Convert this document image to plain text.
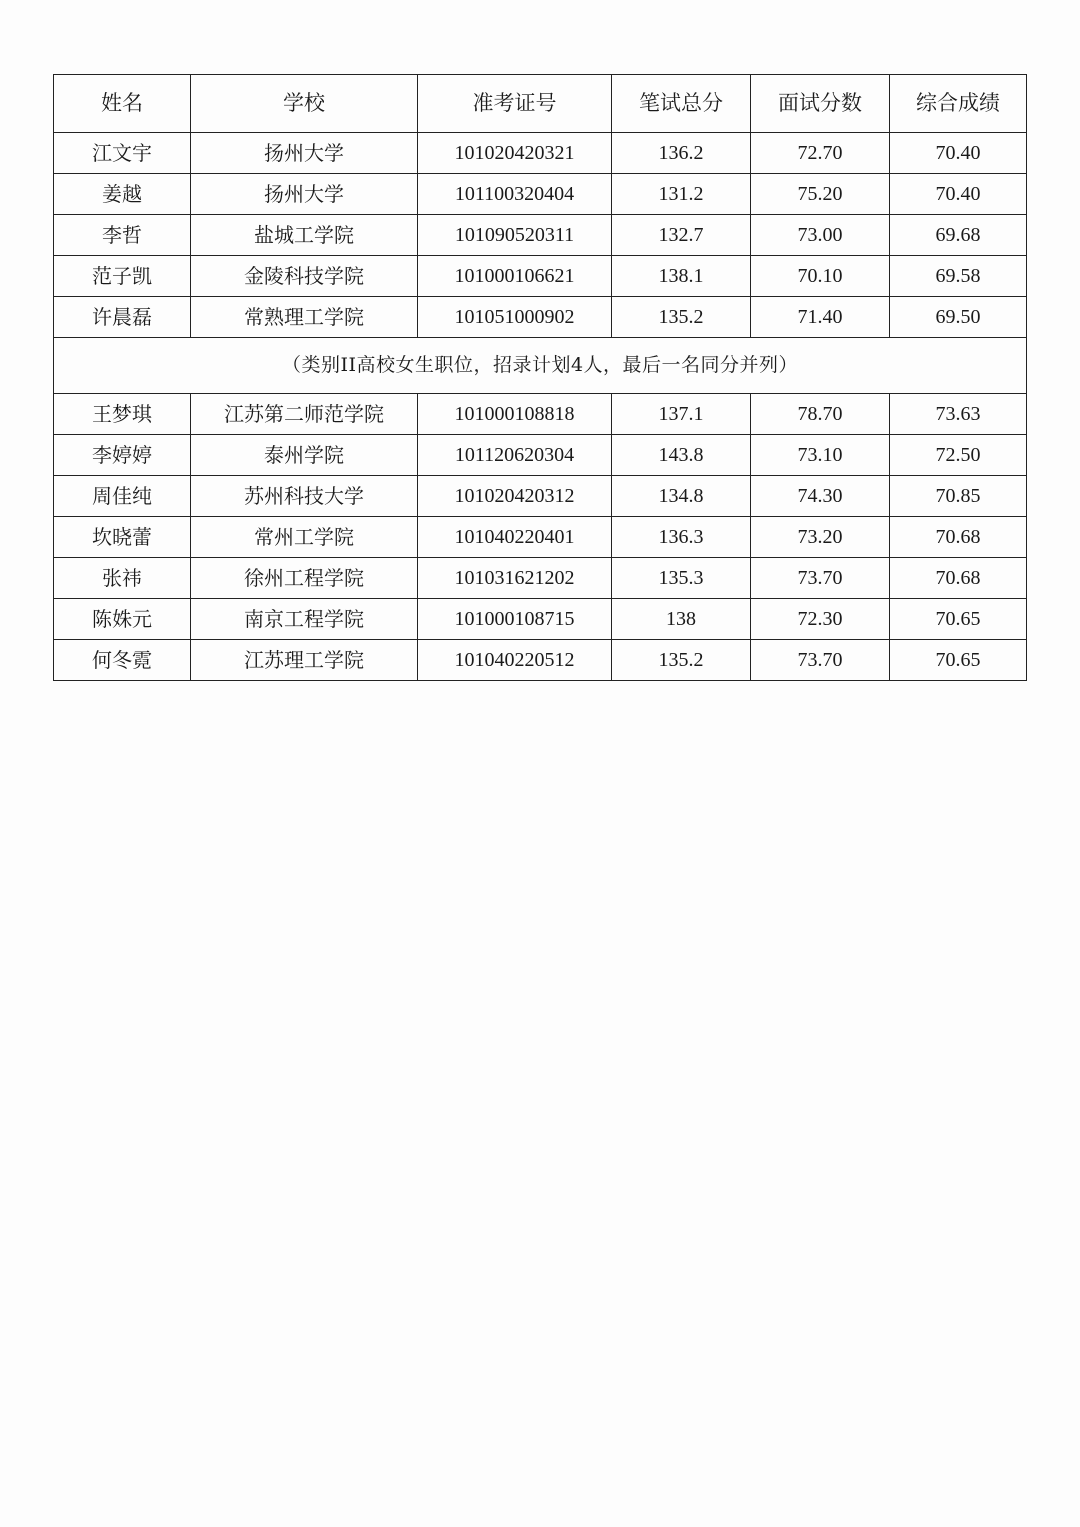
姓名	学校	准考证号	笔试总分	面试分数	综合成绩
江文宇	扬州大学	101020420321	136.2	72.70	70.40
姜越	扬州大学	101100320404	131.2	75.20	70.40
李哲	盐城工学院	101090520311	132.7	73.00	69.68
范子凯	金陵科技学院	101000106621	138.1	70.10	69.58
许晨磊	常熟理工学院	101051000902	135.2	71.40	69.50
（类别II高校女生职位，招录计划4人，最后一名同分并列）					
王梦琪	江苏第二师范学院	101000108818	137.1	78.70	73.63
李婷婷	泰州学院	101120620304	143.8	73.10	72.50
周佳纯	苏州科技大学	101020420312	134.8	74.30	70.85
坎晓蕾	常州工学院	101040220401	136.3	73.20	70.68
张祎	徐州工程学院	101031621202	135.3	73.70	70.68
陈姝元	南京工程学院	101000108715	138	72.30	70.65
何冬霓	江苏理工学院	101040220512	135.2	73.70	70.65
